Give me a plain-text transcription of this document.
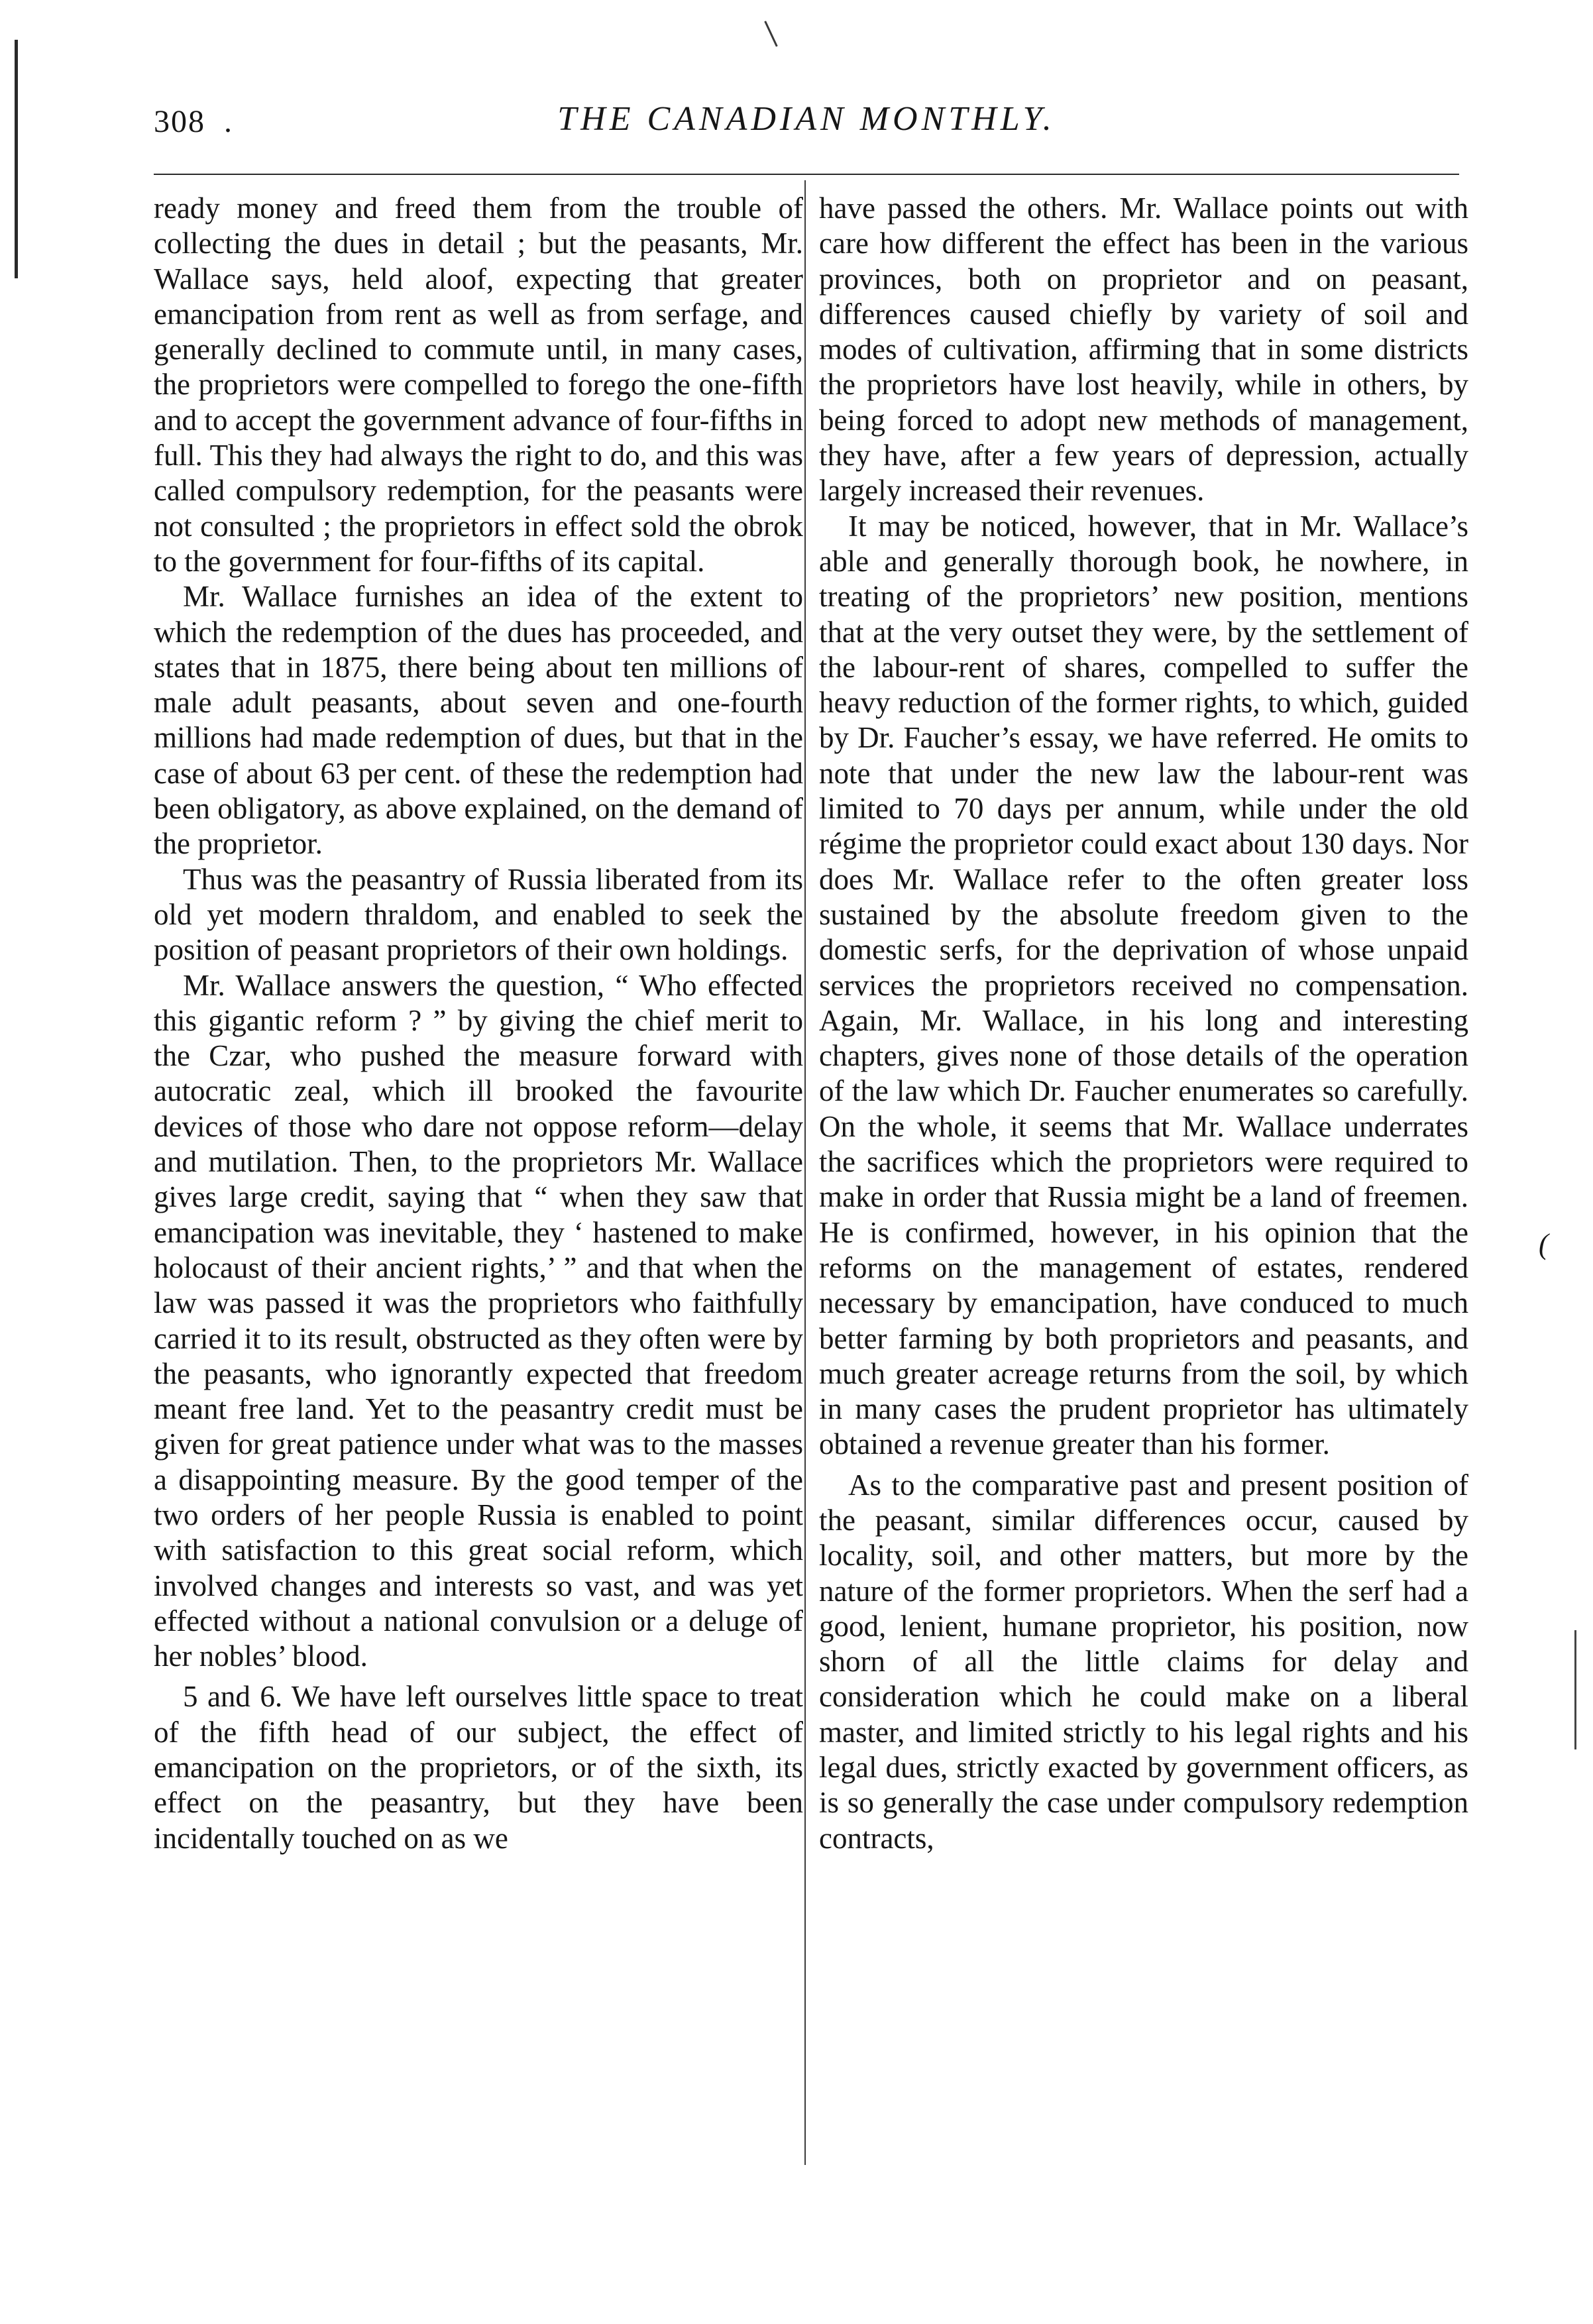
308 .	THE CANADIAN MONTHLY.

ready money and freed them from the trouble of collecting the dues in detail ; but the peasants, Mr. Wallace says, held aloof, expecting that greater emancipation from rent as well as from serfage, and generally declined to commute until, in many cases, the proprietors were compelled to forego the one-fifth and to accept the government advance of four-fifths in full. This they had always the right to do, and this was called compulsory redemption, for the peasants were not consulted ; the proprietors in effect sold the obrok to the government for four-fifths of its capital.

Mr. Wallace furnishes an idea of the extent to which the redemption of the dues has proceeded, and states that in 1875, there being about ten millions of male adult peasants, about seven and one-fourth millions had made redemption of dues, but that in the case of about 63 per cent. of these the redemption had been obligatory, as above explained, on the demand of the proprietor.

Thus was the peasantry of Russia liberated from its old yet modern thraldom, and enabled to seek the position of peasant proprietors of their own holdings.

Mr. Wallace answers the question, “ Who effected this gigantic reform ? ” by giving the chief merit to the Czar, who pushed the measure forward with autocratic zeal, which ill brooked the favourite devices of those who dare not oppose reform—delay and mutilation. Then, to the proprietors Mr. Wallace gives large credit, saying that “ when they saw that emancipation was inevitable, they ‘ hastened to make holocaust of their ancient rights,’ ” and that when the law was passed it was the proprietors who faithfully carried it to its result, obstructed as they often were by the peasants, who ignorantly expected that freedom meant free land. Yet to the peasantry credit must be given for great patience under what was to the masses a disappointing measure. By the good temper of the two orders of her people Russia is enabled to point with satisfaction to this great social reform, which involved changes and interests so vast, and was yet effected without a national convulsion or a deluge of her nobles’ blood.

5 and 6. We have left ourselves little space to treat of the fifth head of our subject, the effect of emancipation on the proprietors, or of the sixth, its effect on the peasantry, but they have been incidentally touched on as we

have passed the others. Mr. Wallace points out with care how different the effect has been in the various provinces, both on proprietor and on peasant, differences caused chiefly by variety of soil and modes of cultivation, affirming that in some districts the proprietors have lost heavily, while in others, by being forced to adopt new methods of management, they have, after a few years of depression, actually largely increased their revenues.

It may be noticed, however, that in Mr. Wallace’s able and generally thorough book, he nowhere, in treating of the proprietors’ new position, mentions that at the very outset they were, by the settlement of the labour-rent of shares, compelled to suffer the heavy reduction of the former rights, to which, guided by Dr. Faucher’s essay, we have referred. He omits to note that under the new law the labour-rent was limited to 70 days per annum, while under the old régime the proprietor could exact about 130 days. Nor does Mr. Wallace refer to the often greater loss sustained by the absolute freedom given to the domestic serfs, for the deprivation of whose unpaid services the proprietors received no compensation. Again, Mr. Wallace, in his long and interesting chapters, gives none of those details of the operation of the law which Dr. Faucher enumerates so carefully. On the whole, it seems that Mr. Wallace underrates the sacrifices which the proprietors were required to make in order that Russia might be a land of freemen. He is confirmed, however, in his opinion that the reforms on the management of estates, rendered necessary by emancipation, have conduced to much better farming by both proprietors and peasants, and much greater acreage returns from the soil, by which in many cases the prudent proprietor has ultimately obtained a revenue greater than his former.

As to the comparative past and present position of the peasant, similar differences occur, caused by locality, soil, and other matters, but more by the nature of the former proprietors. When the serf had a good, lenient, humane proprietor, his position, now shorn of all the little claims for delay and consideration which he could make on a liberal master, and limited strictly to his legal rights and his legal dues, strictly exacted by government officers, as is so generally the case under compulsory redemption contracts,

(
